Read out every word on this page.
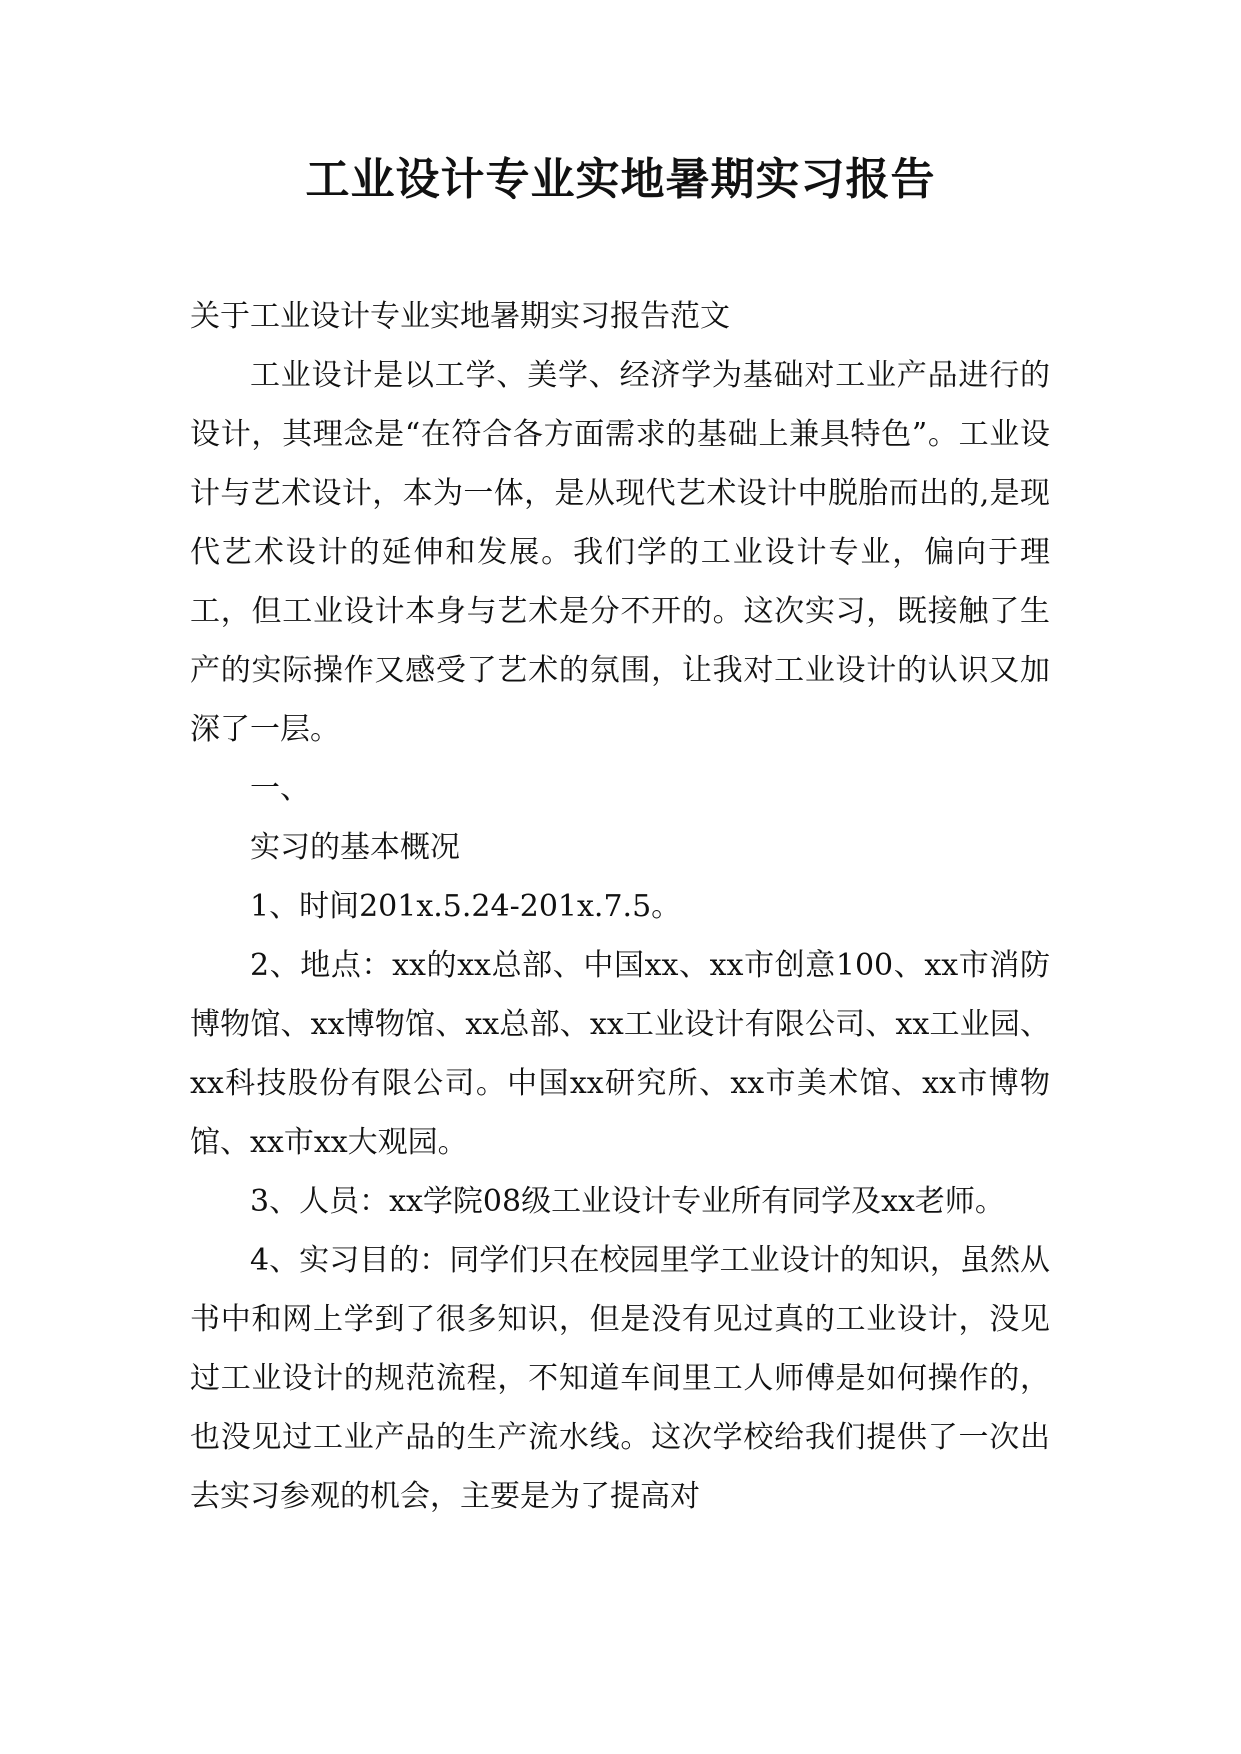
工业设计专业实地暑期实习报告

关于工业设计专业实地暑期实习报告范文

工业设计是以工学、美学、经济学为基础对工业产品进行的设计，其理念是“在符合各方面需求的基础上兼具特色”。工业设计与艺术设计，本为一体，是从现代艺术设计中脱胎而出的,是现代艺术设计的延伸和发展。我们学的工业设计专业，偏向于理工，但工业设计本身与艺术是分不开的。这次实习，既接触了生产的实际操作又感受了艺术的氛围，让我对工业设计的认识又加深了一层。

一、

实习的基本概况

1、时间201x.5.24-201x.7.5。

2、地点：xx的xx总部、中国xx、xx市创意100、xx市消防博物馆、xx博物馆、xx总部、xx工业设计有限公司、xx工业园、xx科技股份有限公司。中国xx研究所、xx市美术馆、xx市博物馆、xx市xx大观园。

3、人员：xx学院08级工业设计专业所有同学及xx老师。

4、实习目的：同学们只在校园里学工业设计的知识，虽然从书中和网上学到了很多知识，但是没有见过真的工业设计，没见过工业设计的规范流程，不知道车间里工人师傅是如何操作的，也没见过工业产品的生产流水线。这次学校给我们提供了一次出去实习参观的机会，主要是为了提高对
